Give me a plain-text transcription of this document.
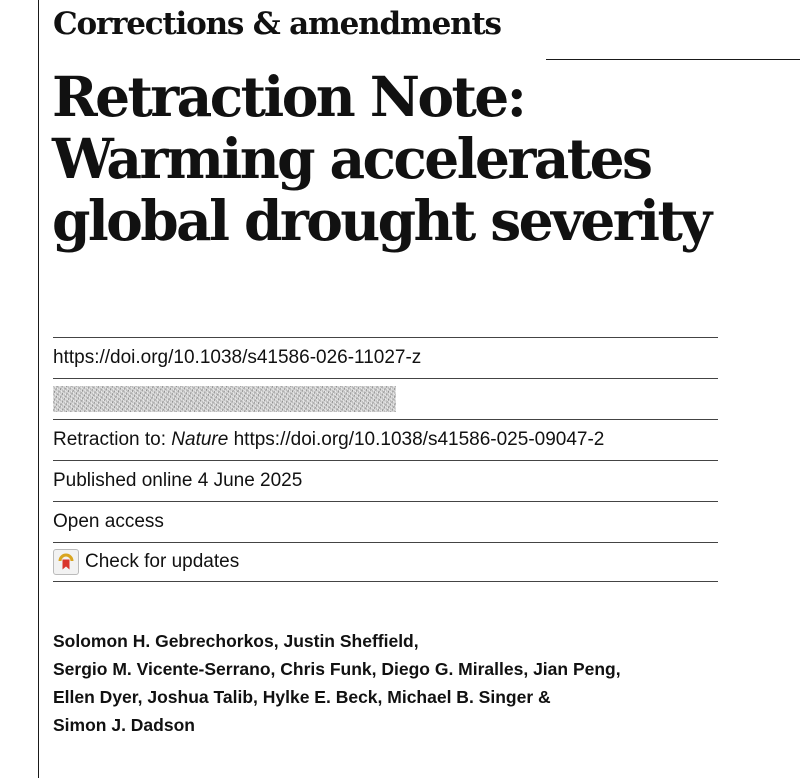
Corrections & amendments
Retraction Note:
Warming accelerates
global drought severity
https://doi.org/10.1038/s41586-026-11027-z
Retraction to:
Nature
https://doi.org/10.1038/s41586-025-09047-2
Published online 4 June 2025
Open access
Check for updates

Solomon H. Gebrechorkos, Justin Sheffield,
Sergio M. Vicente-Serrano, Chris Funk, Diego G. Miralles, Jian Peng,
Ellen Dyer, Joshua Talib, Hylke E. Beck, Michael B. Singer &
Simon J. Dadson
